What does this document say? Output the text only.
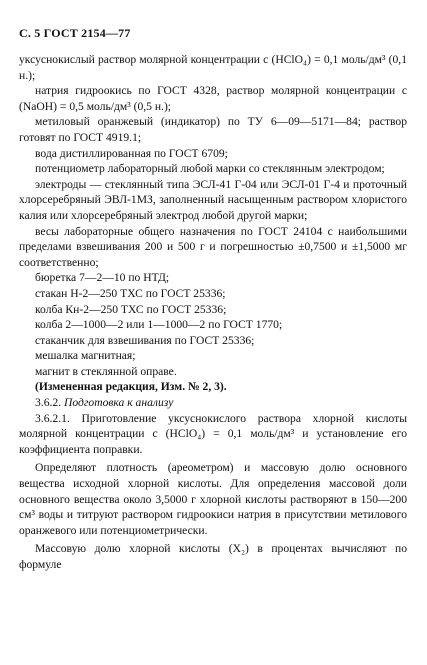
С. 5 ГОСТ 2154—77

уксуснокислый раствор молярной концентрации c (HClO₄) = 0,1 моль/дм³ (0,1 н.);

натрия гидроокись по ГОСТ 4328, раствор молярной концентрации c (NaOH) = 0,5 моль/дм³ (0,5 н.);

метиловый оранжевый (индикатор) по ТУ 6—09—5171—84; раствор готовят по ГОСТ 4919.1;

вода дистиллированная по ГОСТ 6709;

потенциометр лабораторный любой марки со стеклянным электродом;

электроды — стеклянный типа ЭСЛ-41 Г-04 или ЭСЛ-01 Г-4 и проточный хлорсеребряный ЭВЛ-1МЗ, заполненный насыщенным раствором хлористого калия или хлорсеребряный электрод любой другой марки;

весы лабораторные общего назначения по ГОСТ 24104 с наибольшими пределами взвешивания 200 и 500 г и погрешностью ±0,7500 и ±1,5000 мг соответственно;

бюретка 7—2—10 по НТД;

стакан Н-2—250 ТХС по ГОСТ 25336;

колба Кн-2—250 ТХС по ГОСТ 25336;

колба 2—1000—2 или 1—1000—2 по ГОСТ 1770;

стаканчик для взвешивания по ГОСТ 25336;

мешалка магнитная;

магнит в стеклянной оправе.

(Измененная редакция, Изм. № 2, 3).

3.6.2. Подготовка к анализу

3.6.2.1. Приготовление уксуснокислого раствора хлорной кислоты молярной концентрации c (HClO₄) = 0,1 моль/дм³ и установление его коэффициента поправки.

Определяют плотность (ареометром) и массовую долю основного вещества исходной хлорной кислоты. Для определения массовой доли основного вещества около 3,5000 г хлорной кислоты растворяют в 150—200 см³ воды и титруют раствором гидроокиси натрия в присутствии метилового оранжевого или потенциометрически.

Массовую долю хлорной кислоты (X₂) в процентах вычисляют по формуле
